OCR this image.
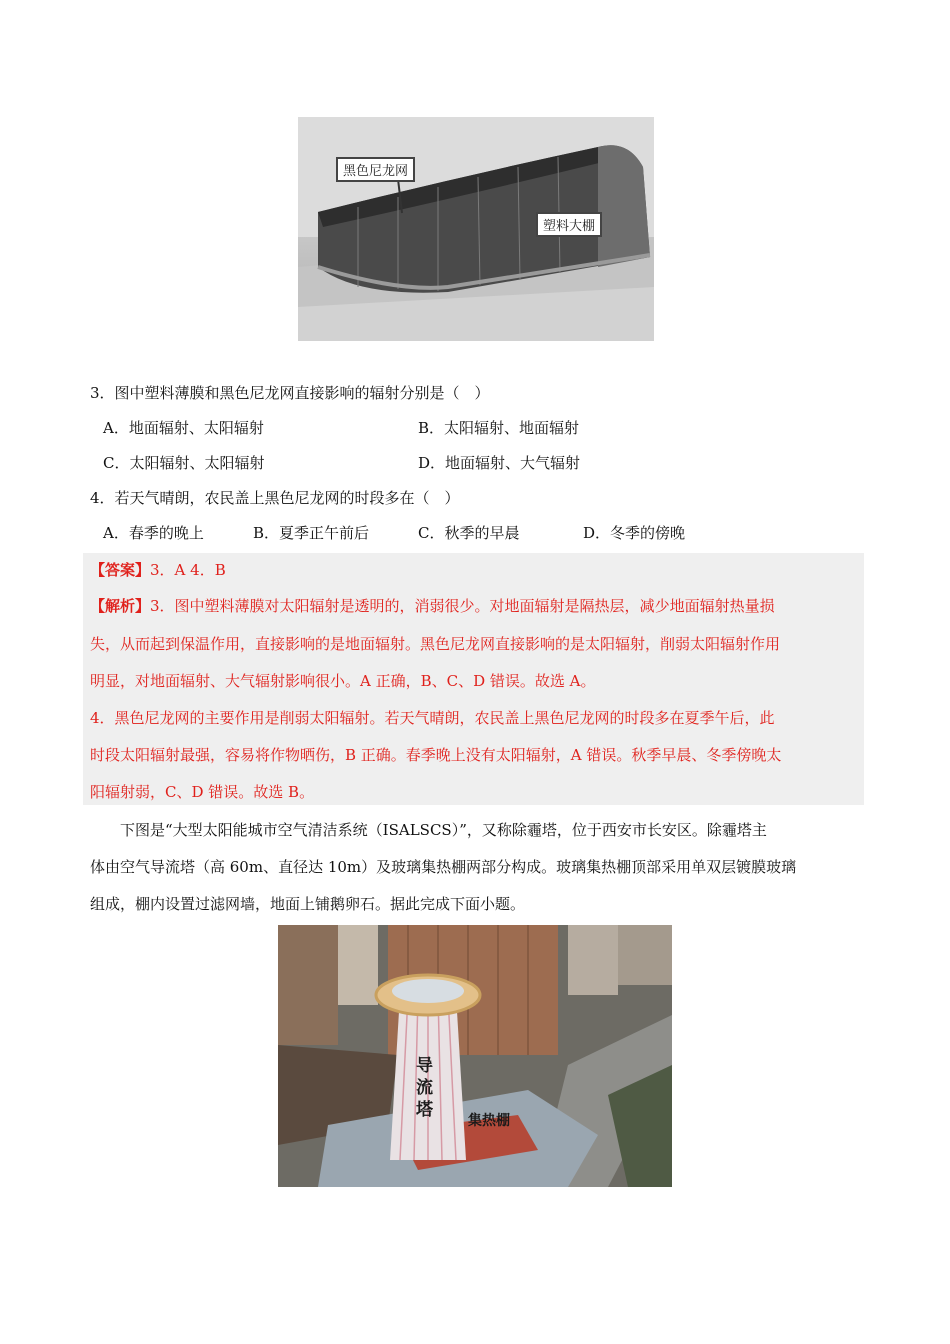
黑色尼龙网
塑料大棚
3．图中塑料薄膜和黑色尼龙网直接影响的辐射分别是（　）
A．地面辐射、太阳辐射	B．太阳辐射、地面辐射
C．太阳辐射、太阳辐射	D．地面辐射、大气辐射
4．若天气晴朗，农民盖上黑色尼龙网的时段多在（　）
A．春季的晚上	B．夏季正午前后	C．秋季的早晨	D．冬季的傍晚
【答案】3．A 4．B
【解析】3．图中塑料薄膜对太阳辐射是透明的，消弱很少。对地面辐射是隔热层，减少地面辐射热量损
失，从而起到保温作用，直接影响的是地面辐射。黑色尼龙网直接影响的是太阳辐射，削弱太阳辐射作用
明显，对地面辐射、大气辐射影响很小。A 正确，B、C、D 错误。故选 A。
4．黑色尼龙网的主要作用是削弱太阳辐射。若天气晴朗，农民盖上黑色尼龙网的时段多在夏季午后，此
时段太阳辐射最强，容易将作物晒伤，B 正确。春季晚上没有太阳辐射，A 错误。秋季早晨、冬季傍晚太
阳辐射弱，C、D 错误。故选 B。
下图是“大型太阳能城市空气清洁系统（ISALSCS）”，又称除霾塔，位于西安市长安区。除霾塔主
体由空气导流塔（高 60m、直径达 10m）及玻璃集热棚两部分构成。玻璃集热棚顶部采用单双层镀膜玻璃
组成，棚内设置过滤网墙，地面上铺鹅卵石。据此完成下面小题。
导流塔
集热棚
